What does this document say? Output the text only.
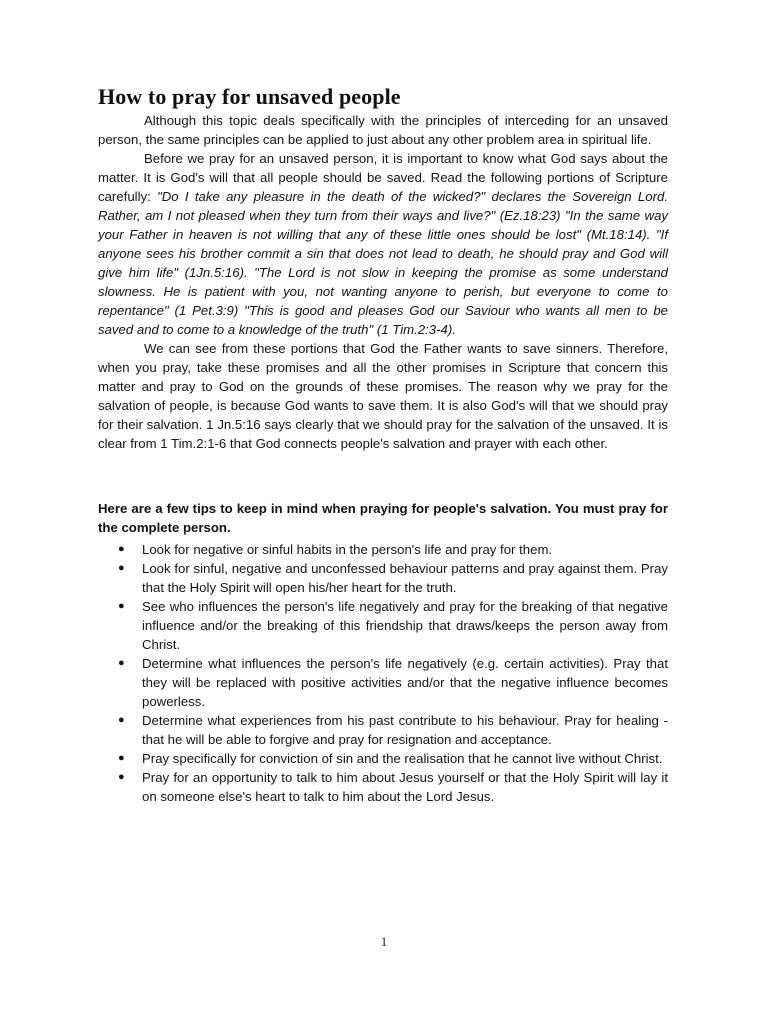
How to pray for unsaved people

Although this topic deals specifically with the principles of interceding for an unsaved person, the same principles can be applied to just about any other problem area in spiritual life.

Before we pray for an unsaved person, it is important to know what God says about the matter. It is God's will that all people should be saved. Read the following portions of Scripture carefully: "Do I take any pleasure in the death of the wicked?" declares the Sovereign Lord. Rather, am I not pleased when they turn from their ways and live?" (Ez.18:23) "In the same way your Father in heaven is not willing that any of these little ones should be lost" (Mt.18:14). "If anyone sees his brother commit a sin that does not lead to death, he should pray and God will give him life" (1Jn.5:16). "The Lord is not slow in keeping the promise as some understand slowness. He is patient with you, not wanting anyone to perish, but everyone to come to repentance" (1 Pet.3:9) "This is good and pleases God our Saviour who wants all men to be saved and to come to a knowledge of the truth" (1 Tim.2:3-4).

We can see from these portions that God the Father wants to save sinners. Therefore, when you pray, take these promises and all the other promises in Scripture that concern this matter and pray to God on the grounds of these promises. The reason why we pray for the salvation of people, is because God wants to save them. It is also God's will that we should pray for their salvation. 1 Jn.5:16 says clearly that we should pray for the salvation of the unsaved. It is clear from 1 Tim.2:1-6 that God connects people's salvation and prayer with each other.

Here are a few tips to keep in mind when praying for people's salvation. You must pray for the complete person.
●	Look for negative or sinful habits in the person's life and pray for them.
●	Look for sinful, negative and unconfessed behaviour patterns and pray against them. Pray that the Holy Spirit will open his/her heart for the truth.
●	See who influences the person's life negatively and pray for the breaking of that negative influence and/or the breaking of this friendship that draws/keeps the person away from Christ.
●	Determine what influences the person's life negatively (e.g. certain activities). Pray that they will be replaced with positive activities and/or that the negative influence becomes powerless.
●	Determine what experiences from his past contribute to his behaviour. Pray for healing - that he will be able to forgive and pray for resignation and acceptance.
●	Pray specifically for conviction of sin and the realisation that he cannot live without Christ.
●	Pray for an opportunity to talk to him about Jesus yourself or that the Holy Spirit will lay it on someone else's heart to talk to him about the Lord Jesus.
1
